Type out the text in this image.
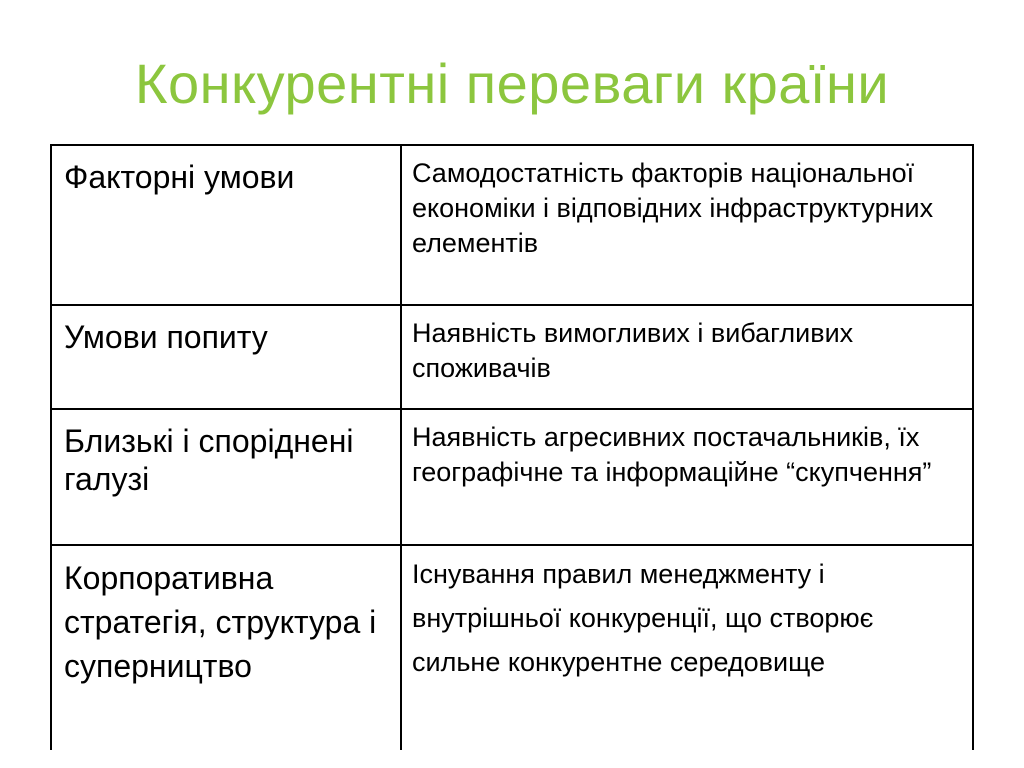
Конкурентні переваги країни
Факторні умови	Самодостатність факторів національної економіки і відповідних інфраструктурних елементів
Умови попиту	Наявність вимогливих і вибагливих споживачів
Близькі і споріднені галузі	Наявність агресивних постачальників, їх географічне та інформаційне “скупчення”
Корпоративна стратегія, структура і суперництво	Існування правил менеджменту і внутрішньої конкуренції, що створює сильне конкурентне середовище
